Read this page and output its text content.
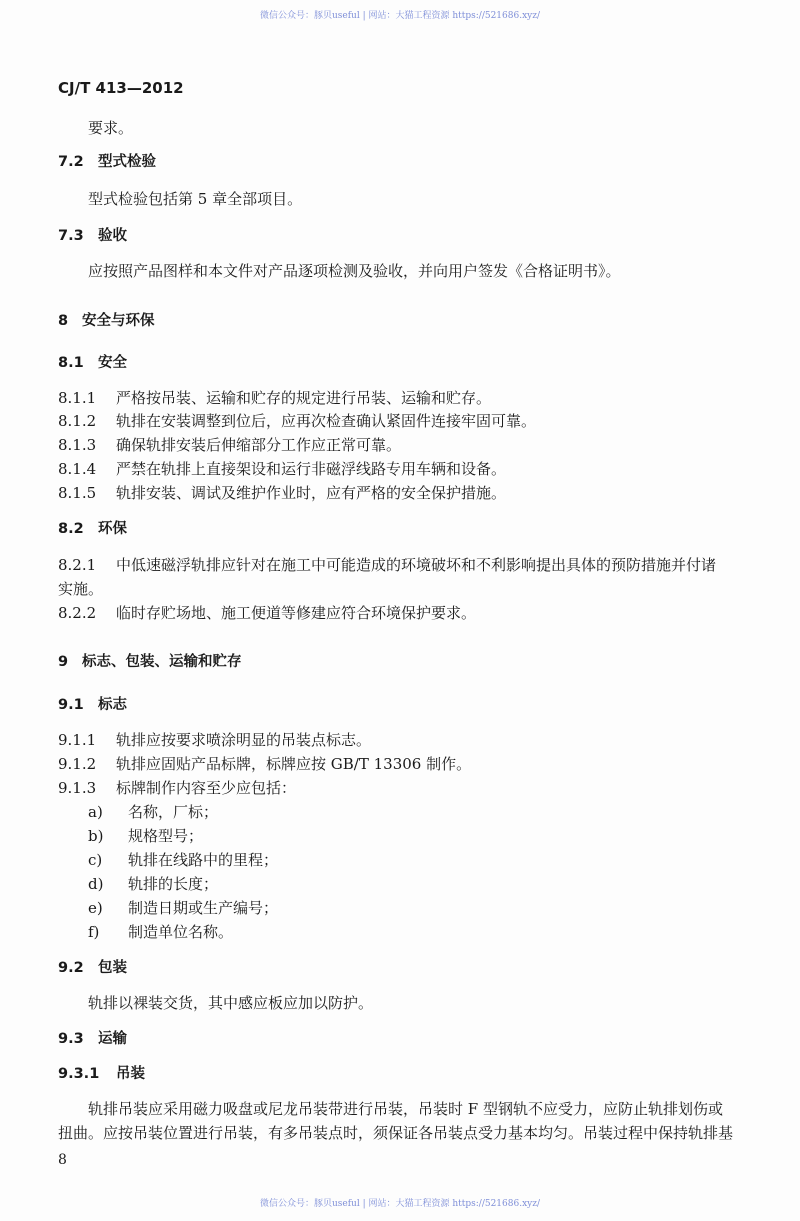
微信公众号：豚贝useful | 网站：大猫工程资源 https://521686.xyz/
CJ/T 413—2012
要求。
7.2 型式检验
型式检验包括第 5 章全部项目。
7.3 验收
应按照产品图样和本文件对产品逐项检测及验收，并向用户签发《合格证明书》。
8 安全与环保
8.1 安全
8.1.1 严格按吊装、运输和贮存的规定进行吊装、运输和贮存。
8.1.2 轨排在安装调整到位后，应再次检查确认紧固件连接牢固可靠。
8.1.3 确保轨排安装后伸缩部分工作应正常可靠。
8.1.4 严禁在轨排上直接架设和运行非磁浮线路专用车辆和设备。
8.1.5 轨排安装、调试及维护作业时，应有严格的安全保护措施。
8.2 环保
8.2.1 中低速磁浮轨排应针对在施工中可能造成的环境破坏和不利影响提出具体的预防措施并付诸
实施。
8.2.2 临时存贮场地、施工便道等修建应符合环境保护要求。
9 标志、包装、运输和贮存
9.1 标志
9.1.1 轨排应按要求喷涂明显的吊装点标志。
9.1.2 轨排应固贴产品标牌，标牌应按 GB/T 13306 制作。
9.1.3 标牌制作内容至少应包括：
a) 名称，厂标；
b) 规格型号；
c) 轨排在线路中的里程；
d) 轨排的长度；
e) 制造日期或生产编号；
f) 制造单位名称。
9.2 包装
轨排以裸装交货，其中感应板应加以防护。
9.3 运输
9.3.1 吊装
轨排吊装应采用磁力吸盘或尼龙吊装带进行吊装，吊装时 F 型钢轨不应受力，应防止轨排划伤或
扭曲。应按吊装位置进行吊装，有多吊装点时，须保证各吊装点受力基本均匀。吊装过程中保持轨排基
8
微信公众号：豚贝useful | 网站：大猫工程资源 https://521686.xyz/
